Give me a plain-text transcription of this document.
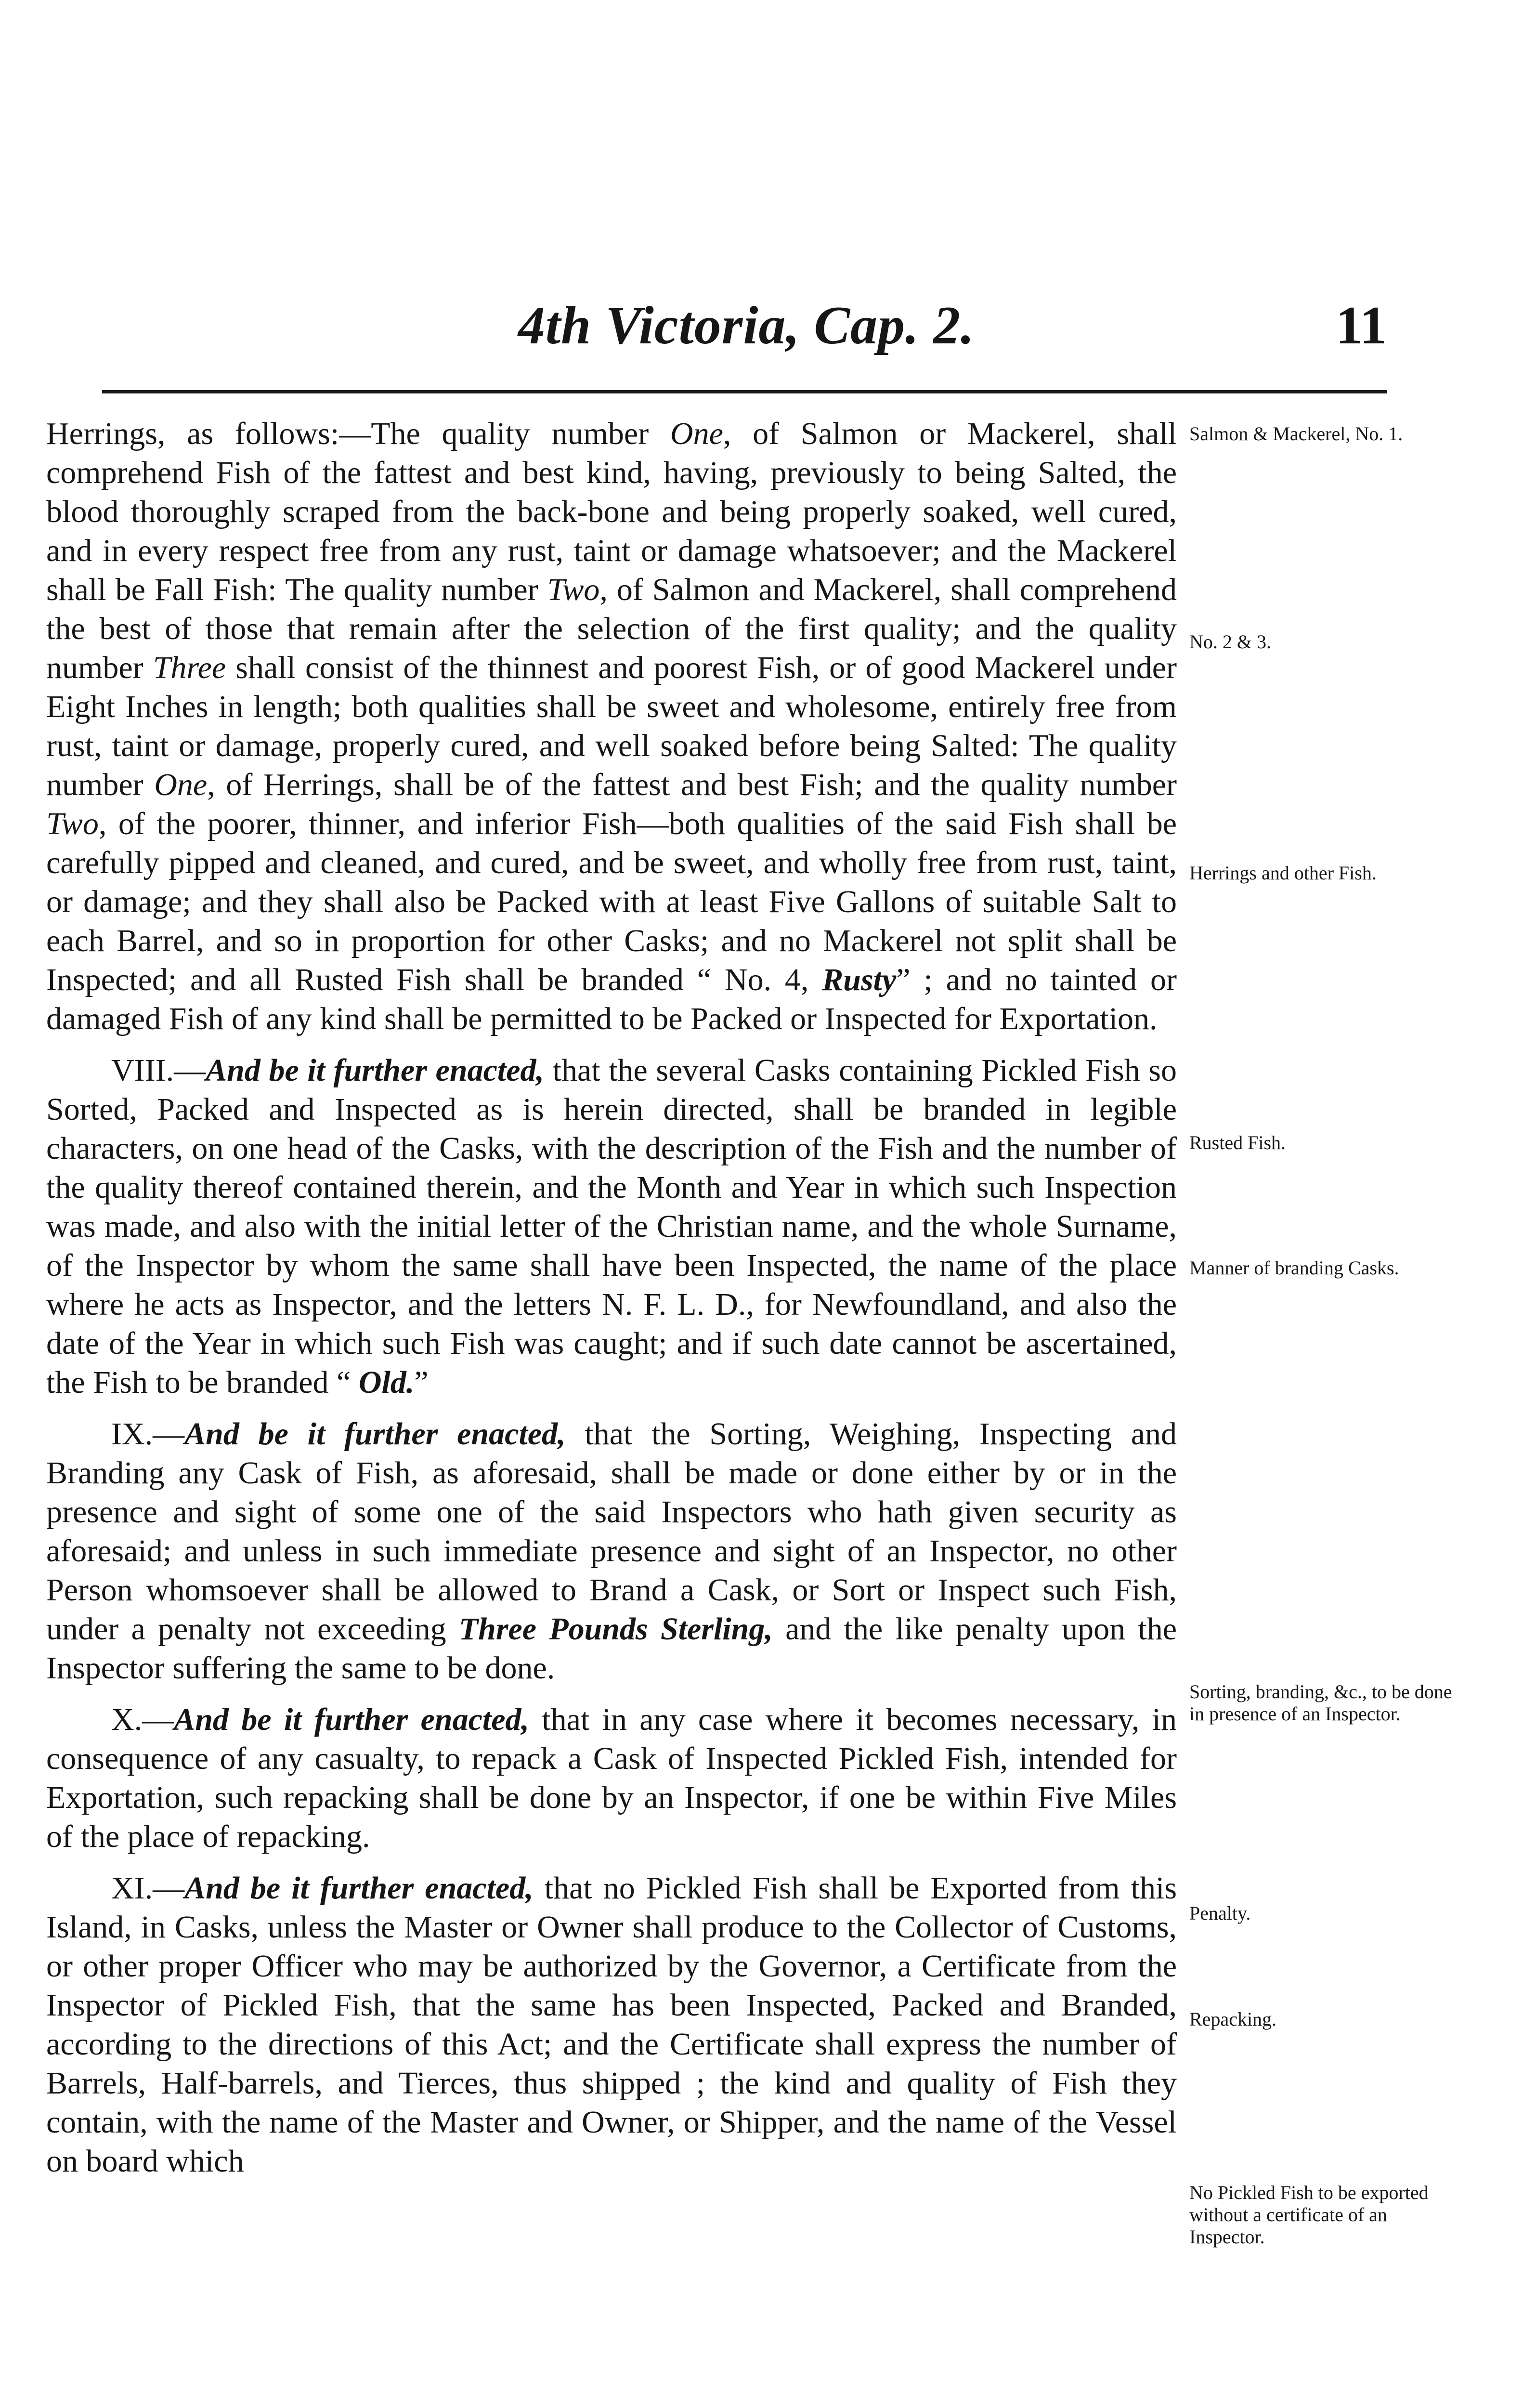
4th Victoria, Cap. 2.	11

Herrings, as follows:—The quality number One, of Salmon or Mackerel, shall comprehend Fish of the fattest and best kind, having, previously to being Salted, the blood thoroughly scraped from the back-bone and being properly soaked, well cured, and in every respect free from any rust, taint or damage whatsoever; and the Mackerel shall be Fall Fish: The quality number Two, of Salmon and Mackerel, shall comprehend the best of those that remain after the selection of the first quality; and the quality number Three shall consist of the thinnest and poorest Fish, or of good Mackerel under Eight Inches in length; both qualities shall be sweet and wholesome, entirely free from rust, taint or damage, properly cured, and well soaked before being Salted: The quality number One, of Herrings, shall be of the fattest and best Fish; and the quality number Two, of the poorer, thinner, and inferior Fish—both qualities of the said Fish shall be carefully pipped and cleaned, and cured, and be sweet, and wholly free from rust, taint, or damage; and they shall also be Packed with at least Five Gallons of suitable Salt to each Barrel, and so in proportion for other Casks; and no Mackerel not split shall be Inspected; and all Rusted Fish shall be branded “ No. 4, Rusty” ; and no tainted or damaged Fish of any kind shall be permitted to be Packed or Inspected for Exportation.

VIII.—And be it further enacted, that the several Casks containing Pickled Fish so Sorted, Packed and Inspected as is herein directed, shall be branded in legible characters, on one head of the Casks, with the description of the Fish and the number of the quality thereof contained therein, and the Month and Year in which such Inspection was made, and also with the initial letter of the Christian name, and the whole Surname, of the Inspector by whom the same shall have been Inspected, the name of the place where he acts as Inspector, and the letters N. F. L. D., for Newfoundland, and also the date of the Year in which such Fish was caught; and if such date cannot be ascertained, the Fish to be branded “ Old.”

IX.—And be it further enacted, that the Sorting, Weighing, Inspecting and Branding any Cask of Fish, as aforesaid, shall be made or done either by or in the presence and sight of some one of the said Inspectors who hath given security as aforesaid; and unless in such immediate presence and sight of an Inspector, no other Person whomsoever shall be allowed to Brand a Cask, or Sort or Inspect such Fish, under a penalty not exceeding Three Pounds Sterling, and the like penalty upon the Inspector suffering the same to be done.

X.—And be it further enacted, that in any case where it becomes necessary, in consequence of any casualty, to repack a Cask of Inspected Pickled Fish, intended for Exportation, such repacking shall be done by an Inspector, if one be within Five Miles of the place of repacking.

XI.—And be it further enacted, that no Pickled Fish shall be Exported from this Island, in Casks, unless the Master or Owner shall produce to the Collector of Customs, or other proper Officer who may be authorized by the Governor, a Certificate from the Inspector of Pickled Fish, that the same has been Inspected, Packed and Branded, according to the directions of this Act; and the Certificate shall express the number of Barrels, Half-barrels, and Tierces, thus shipped ; the kind and quality of Fish they contain, with the name of the Master and Owner, or Shipper, and the name of the Vessel on board which

Salmon & Mackerel, No. 1.
No. 2 & 3.
Herrings and other Fish.
Rusted Fish.
Manner of branding Casks.
Sorting, branding, &c., to be done in presence of an Inspector.
Penalty.
Repacking.
No Pickled Fish to be exported without a certificate of an Inspector.
